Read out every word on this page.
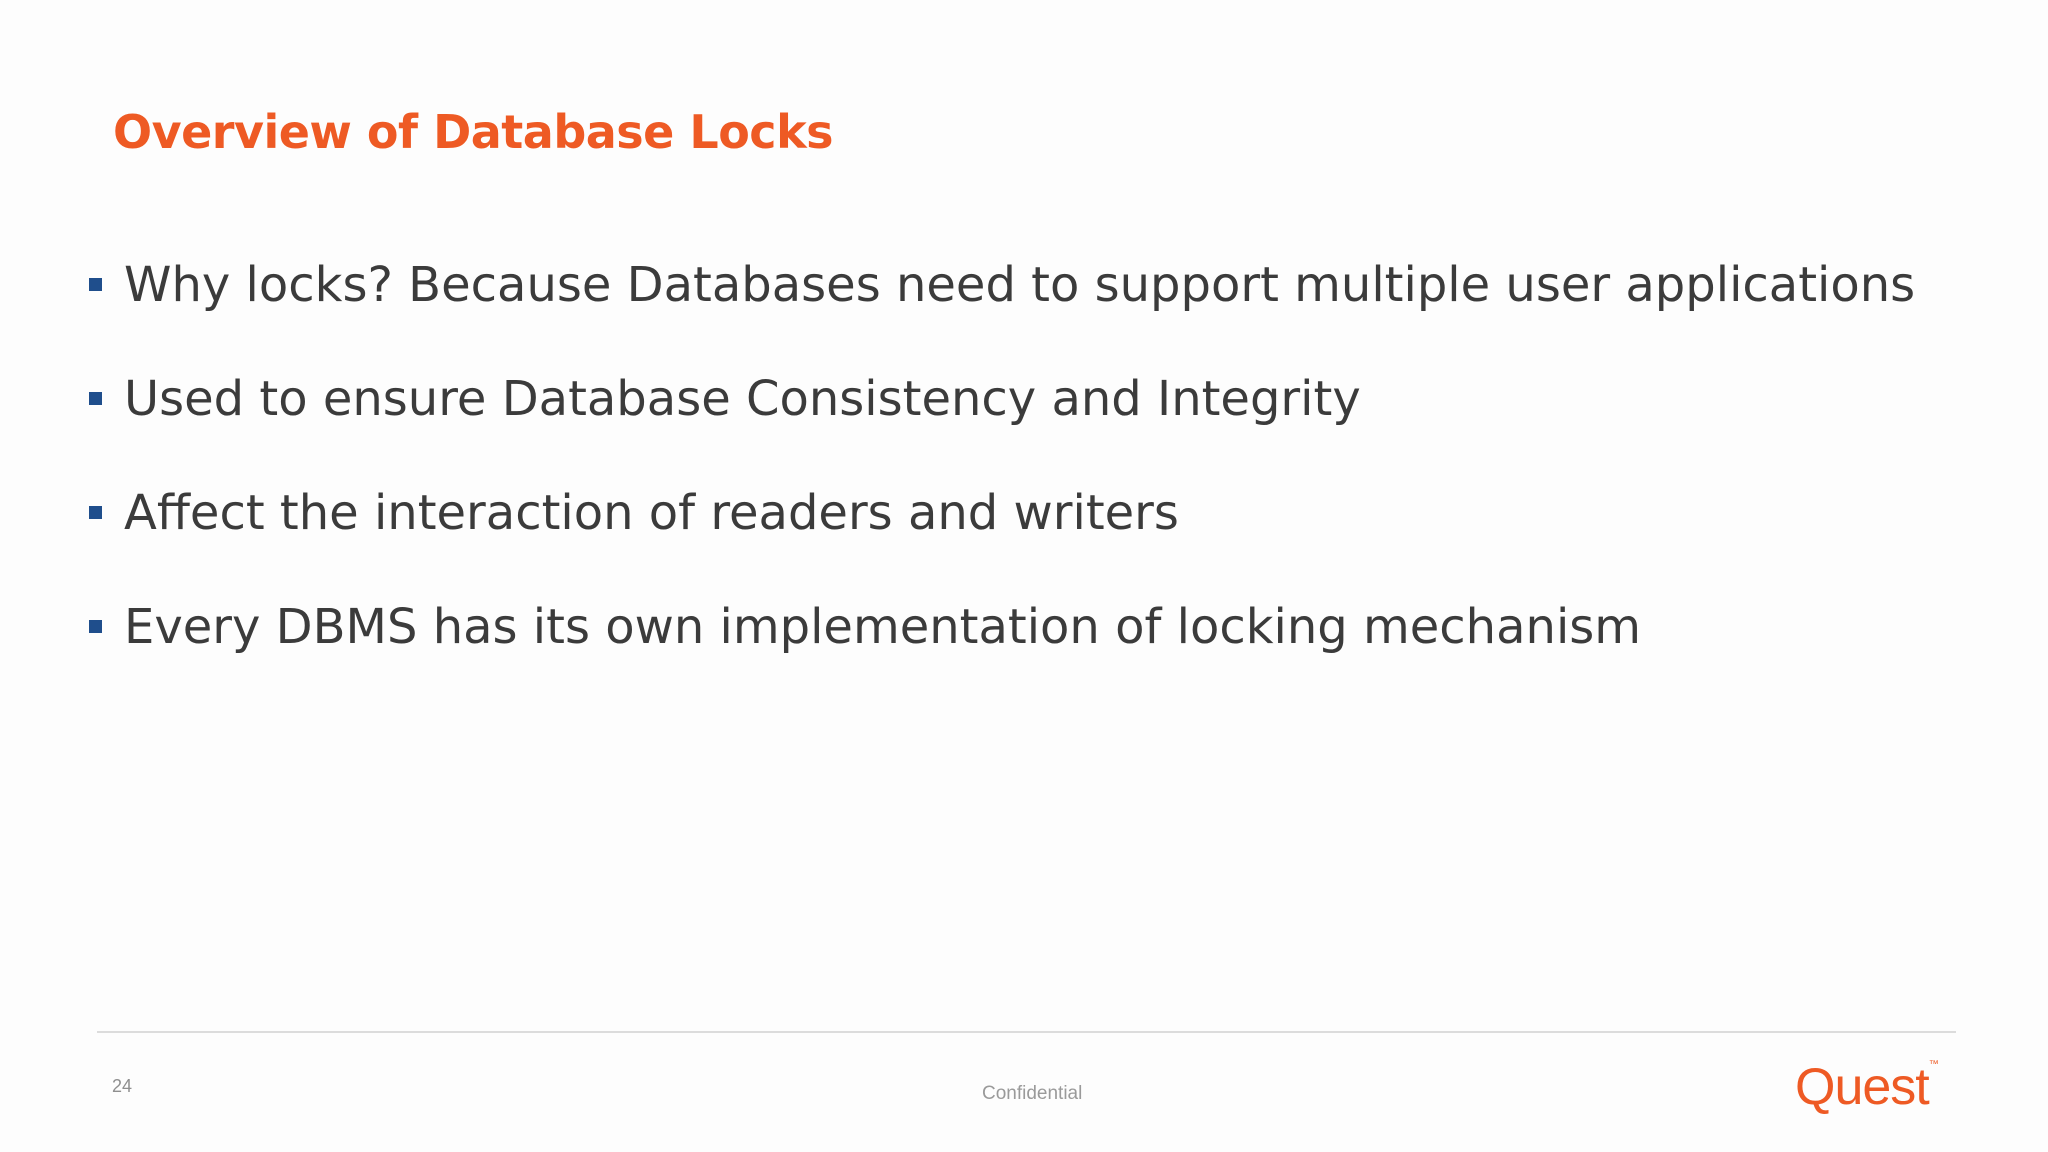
Overview of Database Locks
Why locks? Because Databases need to support multiple user applications
Used to ensure Database Consistency and Integrity
Affect the interaction of readers and writers
Every DBMS has its own implementation of locking mechanism
24	Confidential	Quest ™
